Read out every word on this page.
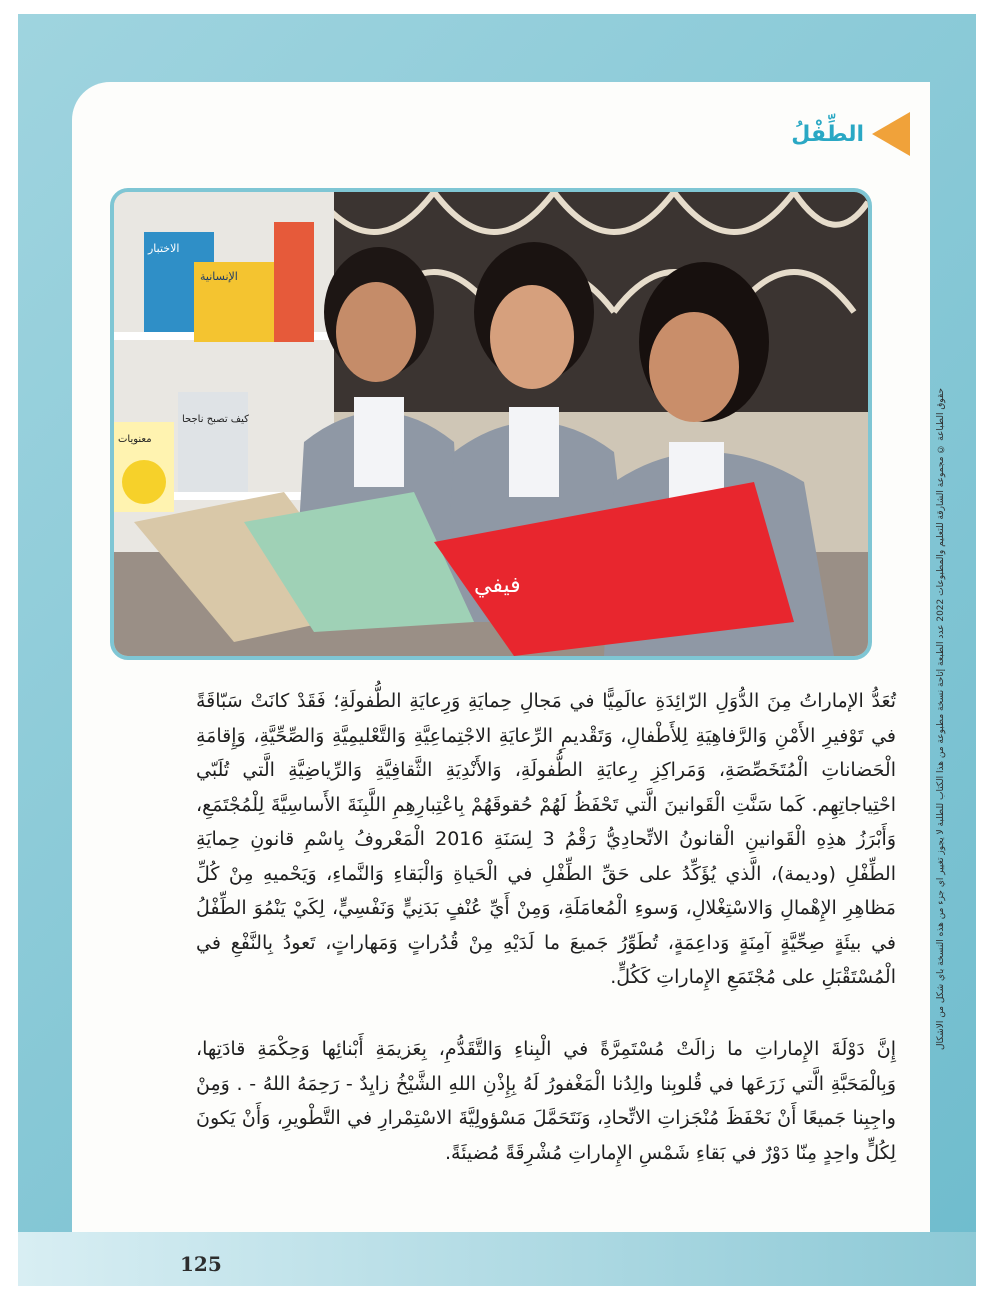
الطِّفْلُ
الاختبار
الإنسانية
كيف تصبح ناجحا
معنويات
فيفي
حقوق الطباعة © مجموعة الشارقة للتعليم والمطبوعات 2022 عدد الطبعة إتاحة نسخة مطبوعة من هذا الكتاب للطلبة لا يجوز تغيير أي جزء من هذه النسخة بأي شكل من الأشكال
تُعَدُّ الإماراتُ مِنَ الدُّوَلِ الرّائِدَةِ عالَمِيًّا في مَجالِ حِمايَةِ وَرِعايَةِ الطُّفولَةِ؛ فَقَدْ كانَتْ سَبّاقَةً في تَوْفيرِ الأَمْنِ وَالرَّفاهِيَةِ لِلأَطْفالِ، وَتَقْديمِ الرِّعايَةِ الاجْتِماعِيَّةِ وَالتَّعْليمِيَّةِ وَالصِّحِّيَّةِ، وَإِقامَةِ الْحَضاناتِ الْمُتَخَصِّصَةِ، وَمَراكِزِ رِعايَةِ الطُّفولَةِ، وَالأَنْدِيَةِ الثَّقافِيَّةِ وَالرِّياضِيَّةِ الَّتي تُلَبّي احْتِياجاتِهِم. كَما سَنَّتِ الْقَوانينَ الَّتي تَحْفَظُ لَهُمْ حُقوقَهُمْ بِاعْتِبارِهِمِ اللَّبِنَةَ الأَساسِيَّةَ لِلْمُجْتَمَعِ، وَأَبْرَزُ هذِهِ الْقَوانينِ الْقانونُ الاتِّحادِيُّ رَقْمُ 3 لِسَنَةِ 2016 الْمَعْروفُ بِاسْمِ قانونِ حِمايَةِ الطِّفْلِ (وديمة)، الَّذي يُؤَكِّدُ على حَقِّ الطِّفْلِ في الْحَياةِ وَالْبَقاءِ وَالنَّماءِ، وَيَحْميهِ مِنْ كُلِّ مَظاهِرِ الإِهْمالِ وَالاسْتِغْلالِ، وَسوءِ الْمُعامَلَةِ، وَمِنْ أَيِّ عُنْفٍ بَدَنِيٍّ وَنَفْسِيٍّ، لِكَيْ يَنْمُوَ الطِّفْلُ في بيئَةٍ صِحِّيَّةٍ آمِنَةٍ وَداعِمَةٍ، تُطَوِّرُ جَميعَ ما لَدَيْهِ مِنْ قُدُراتٍ وَمَهاراتٍ، تَعودُ بِالنَّفْعِ في الْمُسْتَقْبَلِ على مُجْتَمَعِ الإِماراتِ كَكُلٍّ.
إِنَّ دَوْلَةَ الإِماراتِ ما زالَتْ مُسْتَمِرَّةً في الْبِناءِ وَالتَّقَدُّمِ، بِعَزيمَةِ أَبْنائِها وَحِكْمَةِ قادَتِها، وَبِالْمَحَبَّةِ الَّتي زَرَعَها في قُلوبِنا والِدُنا الْمَغْفورُ لَهُ بِإِذْنِ اللهِ الشَّيْخُ زايِدٌ - رَحِمَهُ اللهُ - . وَمِنْ واجِبِنا جَميعًا أَنْ نَحْفَظَ مُنْجَزاتِ الاتِّحادِ، وَنَتَحَمَّلَ مَسْؤولِيَّةَ الاسْتِمْرارِ في التَّطْويرِ، وَأَنْ يَكونَ لِكُلٍّ واحِدٍ مِنّا دَوْرٌ في بَقاءِ شَمْسِ الإِماراتِ مُشْرِقَةً مُضيئَةً.
125
